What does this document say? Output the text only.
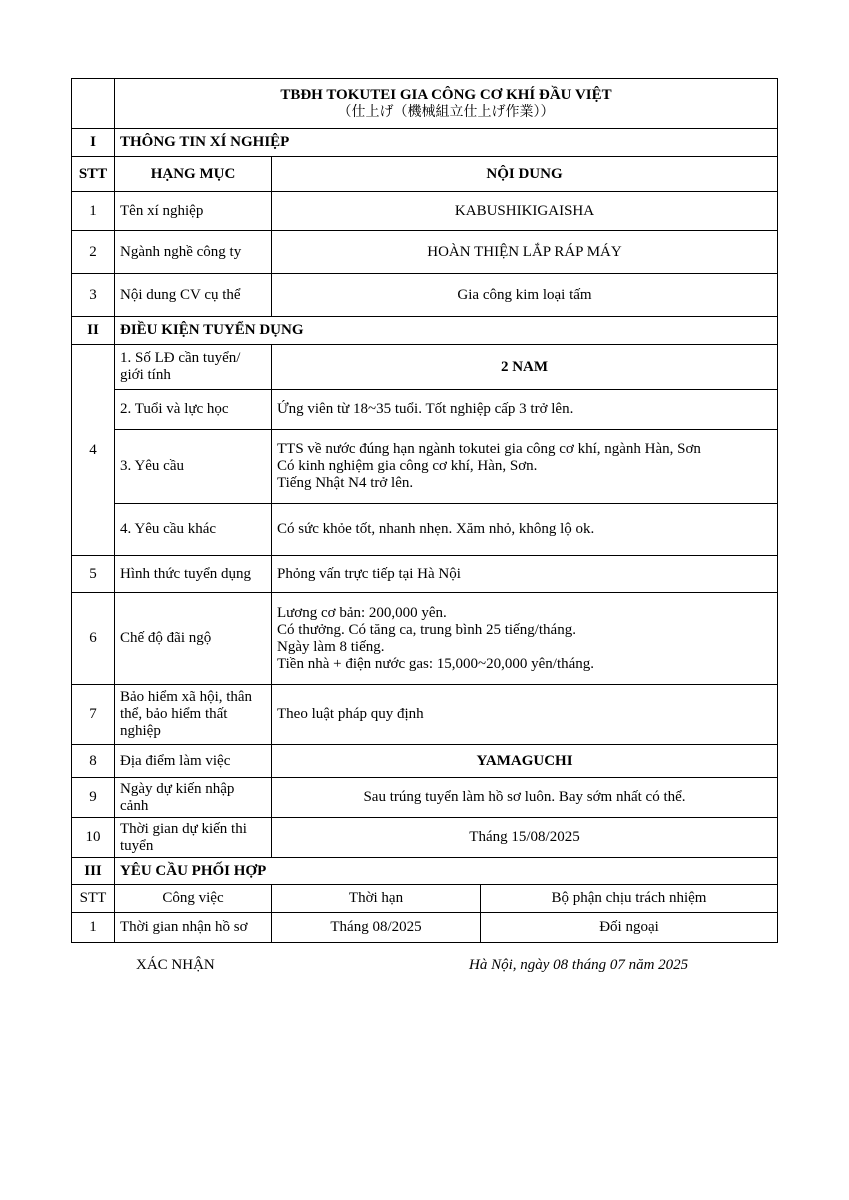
	TBĐH TOKUTEI GIA CÔNG CƠ KHÍ ĐẦU VIỆT
（仕上げ（機械組立仕上げ作業））		

I	THÔNG TIN XÍ NGHIỆP		
STT	HẠNG MỤC	NỘI DUNG	
1	Tên xí nghiệp	KABUSHIKIGAISHA	
2	Ngành nghề công ty	HOÀN THIỆN LẮP RÁP MÁY	
3	Nội dung CV cụ thể	Gia công kim loại tấm	
II	ĐIỀU KIỆN TUYỂN DỤNG		
4	1. Số LĐ cần tuyển/
giới tính	2 NAM	
	2. Tuổi và lực học	Ứng viên từ 18~35 tuổi. Tốt nghiệp cấp 3 trở lên.	
	3. Yêu cầu	TTS về nước đúng hạn ngành tokutei gia công cơ khí, ngành Hàn, Sơn
Có kinh nghiệm gia công cơ khí, Hàn, Sơn.
Tiếng Nhật N4 trở lên.	

	4. Yêu cầu khác	Có sức khỏe tốt, nhanh nhẹn. Xăm nhỏ, không lộ ok.	
5	Hình thức tuyển dụng	Phỏng vấn trực tiếp tại Hà Nội	
6	Chế độ đãi ngộ	Lương cơ bản: 200,000 yên.
Có thưởng. Có tăng ca, trung bình 25 tiếng/tháng.
Ngày làm 8 tiếng.
Tiền nhà + điện nước gas: 15,000~20,000 yên/tháng.	

7	Bảo hiểm xã hội, thân
thể, bảo hiểm thất
nghiệp	Theo luật pháp quy định	
8	Địa điểm làm việc	YAMAGUCHI	
9	Ngày dự kiến nhập
cảnh	Sau trúng tuyển làm hồ sơ luôn. Bay sớm nhất có thể.	
10	Thời gian dự kiến thi
tuyển	Tháng 15/08/2025	
III	YÊU CẦU PHỐI HỢP		
STT	Công việc	Thời hạn	Bộ phận chịu trách nhiệm
1	Thời gian nhận hồ sơ	Tháng 08/2025	Đối ngoại
XÁC NHẬN	Hà Nội, ngày 08 tháng 07 năm 2025
